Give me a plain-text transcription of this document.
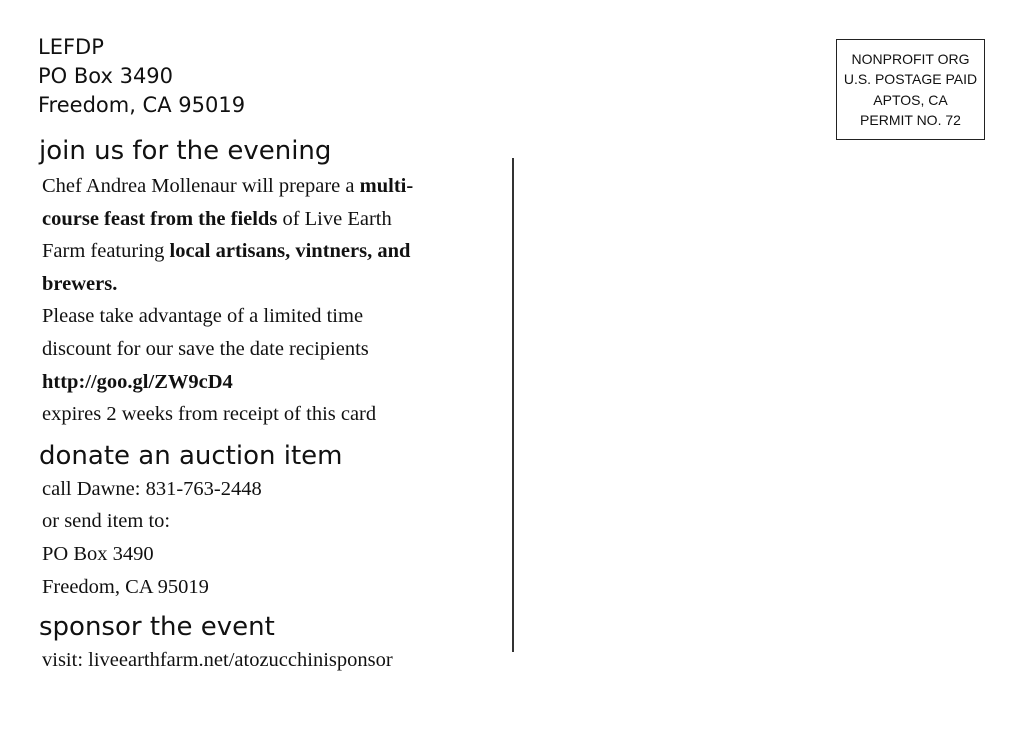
LEFDP
PO Box 3490
Freedom, CA 95019
NONPROFIT ORG
U.S. POSTAGE PAID
APTOS, CA
PERMIT NO. 72
join us for the evening
Chef Andrea Mollenaur will prepare a multi-
course feast from the fields of Live Earth
Farm featuring local artisans, vintners, and
brewers.
Please take advantage of a limited time
discount for our save the date recipients
http://goo.gl/ZW9cD4
expires 2 weeks from receipt of this card
donate an auction item
call Dawne: 831-763-2448
or send item to:
PO Box 3490
Freedom, CA 95019
sponsor the event
visit: liveearthfarm.net/atozucchinisponsor
